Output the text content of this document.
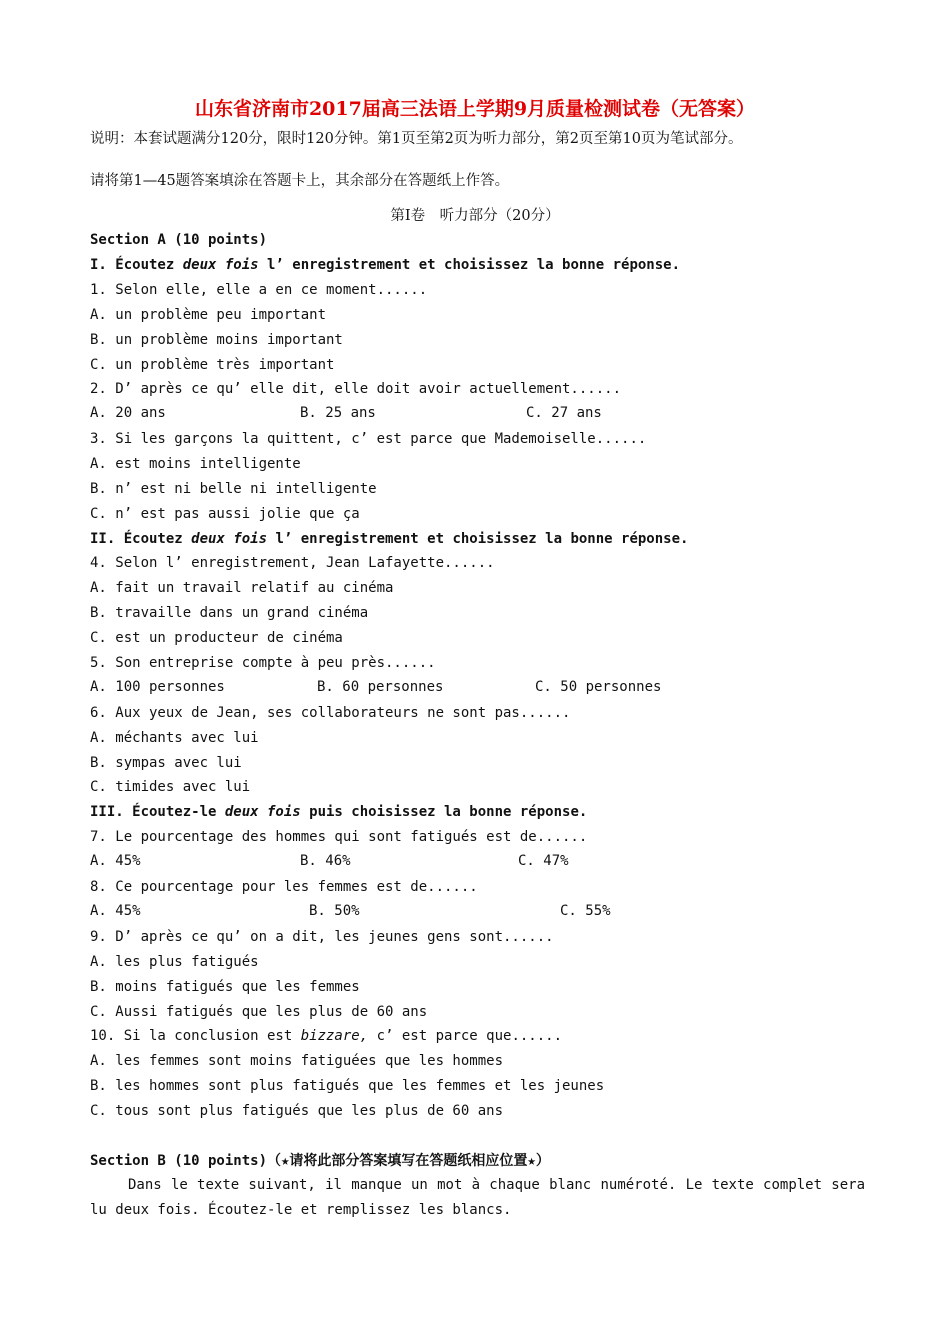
山东省济南市2017届高三法语上学期9月质量检测试卷（无答案）
说明：本套试题满分120分，限时120分钟。第1页至第2页为听力部分，第2页至第10页为笔试部分。
请将第1—45题答案填涂在答题卡上，其余部分在答题纸上作答。
第Ⅰ卷　听力部分（20分）
Section A (10 points)
I. Écoutez deux fois l’ enregistrement et choisissez la bonne réponse.
1. Selon elle, elle a en ce moment......
A. un problème peu important
B. un problème moins important
C. un problème très important
2. D’ après ce qu’ elle dit, elle doit avoir actuellement......
A. 20 ans	B. 25 ans	C. 27 ans
3. Si les garçons la quittent, c’ est parce que Mademoiselle......
A. est moins intelligente
B. n’ est ni belle ni intelligente
C. n’ est pas aussi jolie que ça
II. Écoutez deux fois l’ enregistrement et choisissez la bonne réponse.
4. Selon l’ enregistrement, Jean Lafayette......
A. fait un travail relatif au cinéma
B. travaille dans un grand cinéma
C. est un producteur de cinéma
5. Son entreprise compte à peu près......
A. 100 personnes	B. 60 personnes	C. 50 personnes
6. Aux yeux de Jean, ses collaborateurs ne sont pas......
A. méchants avec lui
B. sympas avec lui
C. timides avec lui
III. Écoutez-le deux fois puis choisissez la bonne réponse.
7. Le pourcentage des hommes qui sont fatigués est de......
A. 45%	B. 46%	C. 47%
8. Ce pourcentage pour les femmes est de......
A. 45%	B. 50%	C. 55%
9. D’ après ce qu’ on a dit, les jeunes gens sont......
A. les plus fatigués
B. moins fatigués que les femmes
C. Aussi fatigués que les plus de 60 ans
10. Si la conclusion est bizzare, c’ est parce que......
A. les femmes sont moins fatiguées que les hommes
B. les hommes sont plus fatigués que les femmes et les jeunes
C. tous sont plus fatigués que les plus de 60 ans
Section B (10 points)（★请将此部分答案填写在答题纸相应位置★）
Dans le texte suivant, il manque un mot à chaque blanc numéroté. Le texte complet sera lu deux fois. Écoutez-le et remplissez les blancs.
